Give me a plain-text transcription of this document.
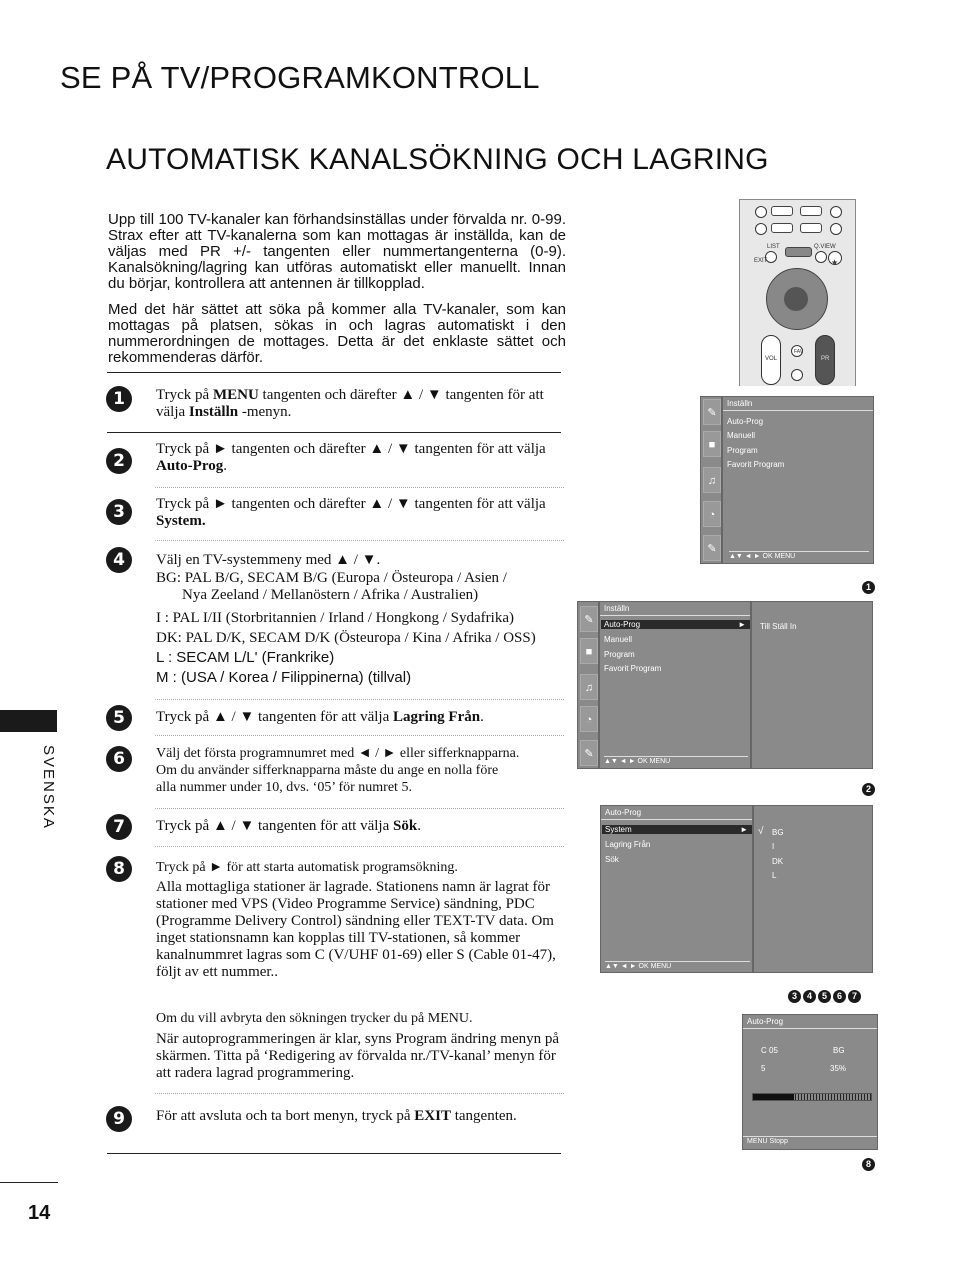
SE PÅ TV/PROGRAMKONTROLL
AUTOMATISK KANALSÖKNING OCH LAGRING

Upp till 100 TV-kanaler kan förhandsinställas under förvalda nr. 0-99. Strax efter att TV-kanalerna som kan mottagas är inställda, kan de väljas med PR +/- tangenten eller nummertangenterna (0-9). Kanalsökning/lagring kan utföras automatiskt eller manuellt. Innan du börjar, kontrollera att antennen är tillkopplad.

Med det här sättet att söka på kommer alla TV-kanaler, som kan mottagas på platsen, sökas in och lagras automatiskt i den nummerordningen de mottages. Detta är det enklaste sättet och rekommenderas därför.

1	Tryck på MENU tangenten och därefter ▲ / ▼ tangenten för att välja Inställn -menyn.
2
Tryck på ► tangenten och därefter ▲ / ▼ tangenten för att välja Auto-Prog.
3	Tryck på ► tangenten och därefter ▲ / ▼ tangenten för att välja System.
4	Välj en TV-systemmeny med ▲ / ▼.
BG: PAL B/G, SECAM B/G (Europa / Östeuropa / Asien /
Nya Zeeland / Mellanöstern / Afrika / Australien)
I : PAL I/II (Storbritannien / Irland / Hongkong / Sydafrika)
DK: PAL D/K, SECAM D/K (Östeuropa / Kina / Afrika / OSS)
L : SECAM L/L' (Frankrike)
M : (USA / Korea / Filippinerna) (tillval)
5	Tryck på ▲ / ▼ tangenten för att välja Lagring Från.
6	Välj det första programnumret med ◄ / ► eller sifferknapparna.
Om du använder sifferknapparna måste du ange en nolla före
alla nummer under 10, dvs. ‘05’ för numret 5.
7	Tryck på ▲ / ▼ tangenten för att välja Sök.
8	Tryck på ► för att starta automatisk programsökning.
Alla mottagliga stationer är lagrade. Stationens namn är lagrat för stationer med VPS (Video Programme Service) sändning, PDC (Programme Delivery Control) sändning eller TEXT-TV data. Om inget stationsnamn kan kopplas till TV-stationen, så kommer kanalnummret lagras som C (V/UHF 01-69) eller S (Cable 01-47), följt av ett nummer..
Om du vill avbryta den sökningen trycker du på MENU.
När autoprogrammeringen är klar, syns Program ändring menyn på skärmen. Titta på ‘Redigering av förvalda nr./TV-kanal’ menyn för att radera lagrad programmering.
9	För att avsluta och ta bort menyn, tryck på EXIT tangenten.
SVENSKA
14
LIST	Q.VIEW
EXIT	★
VOL
FAV
PR
✎
■
♫
◔
✎
Inställn
Auto-Prog
Manuell
Program
Favorit Program
▲▼ ◄ ► OK MENU
1
✎
■
♫
◔
✎
Inställn
Auto-Prog	►
Manuell
Program
Favorit Program
▲▼ ◄ ► OK MENU
Till Ställ In
2
Auto-Prog
System	►
Lagring Från
Sök
▲▼ ◄ ► OK MENU
√ BG
I
DK
L
3 4 5 6 7
Auto-Prog
C 05	BG
5	35%
MENU Stopp
8
